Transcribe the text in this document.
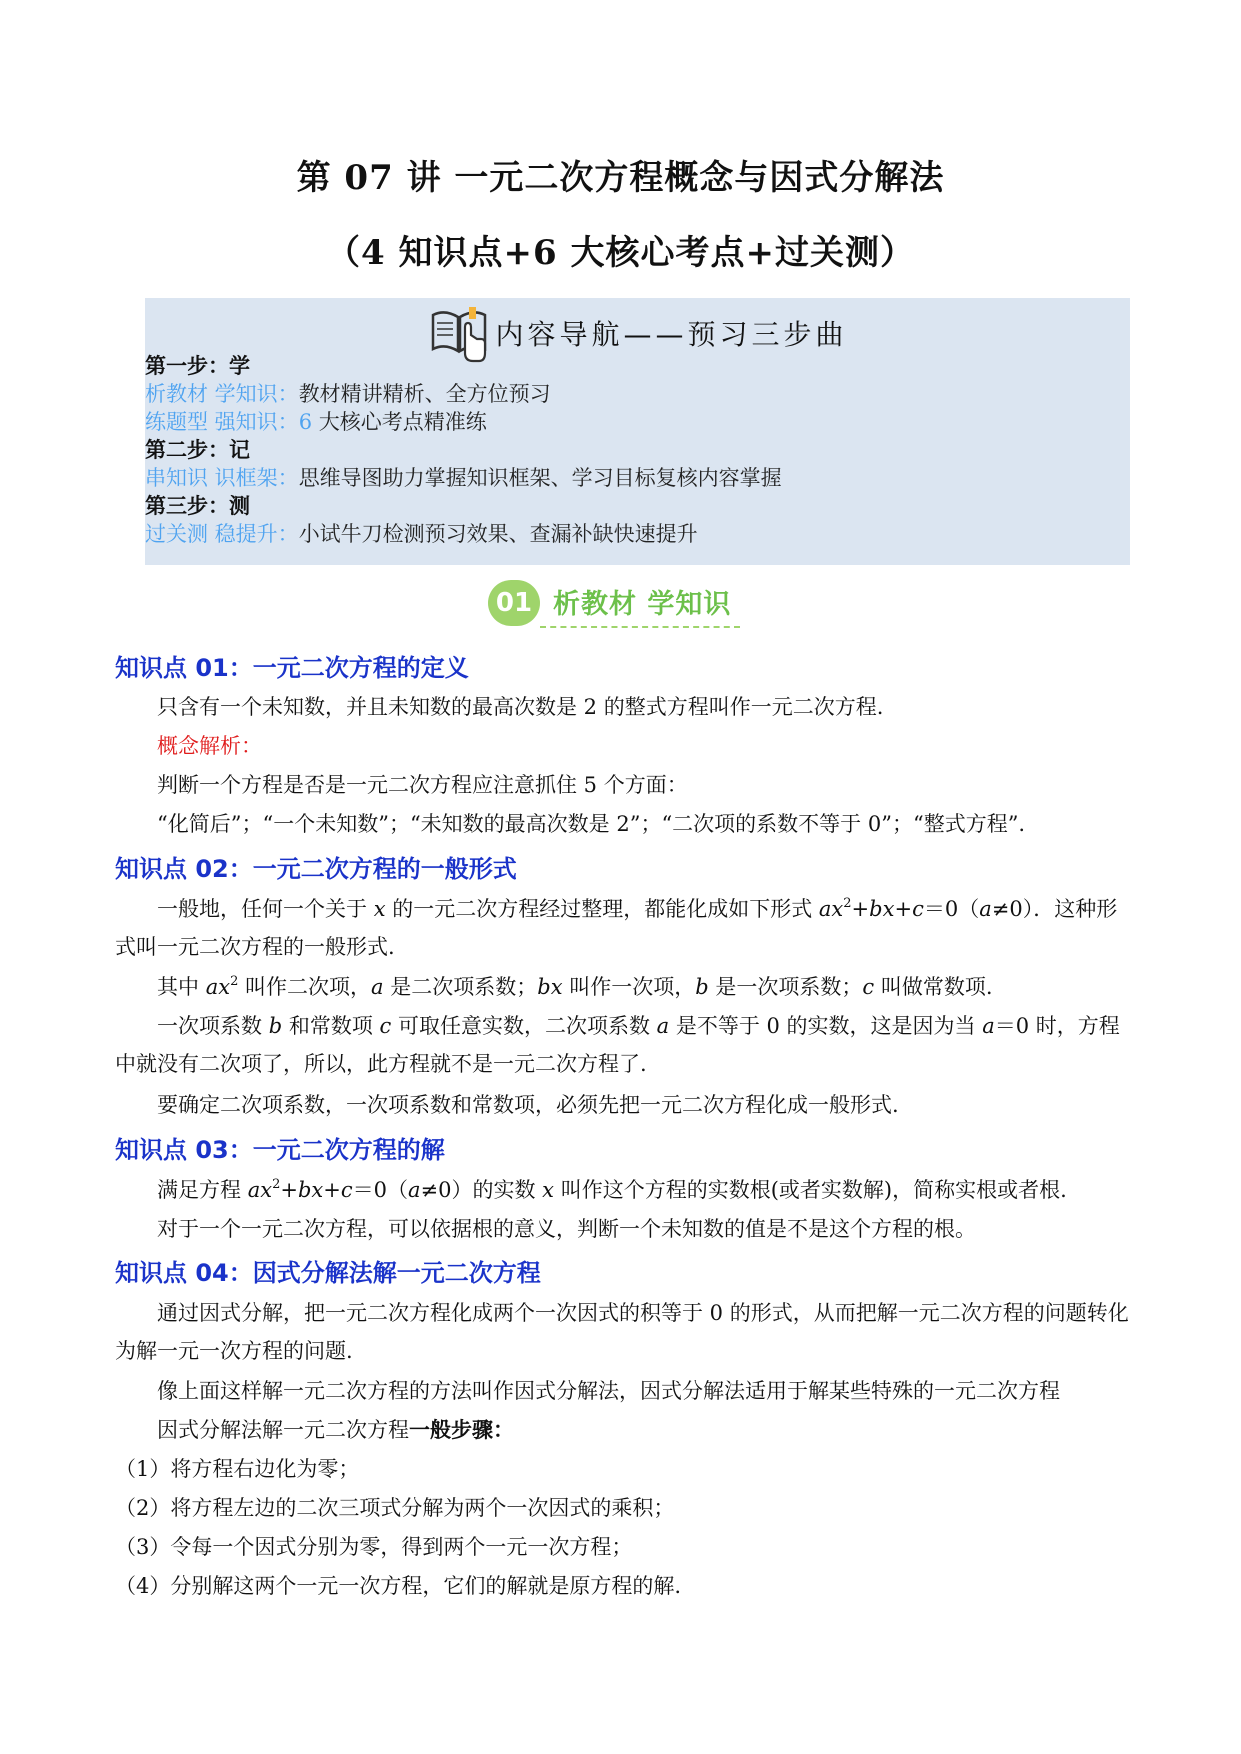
第 07 讲 一元二次方程概念与因式分解法
（4 知识点+6 大核心考点+过关测）
内容导航——预习三步曲
第一步：学
析教材 学知识：教材精讲精析、全方位预习
练题型 强知识：6 大核心考点精准练
第二步：记
串知识 识框架：思维导图助力掌握知识框架、学习目标复核内容掌握
第三步：测
过关测 稳提升：小试牛刀检测预习效果、查漏补缺快速提升
01 析教材 学知识
知识点 01：一元二次方程的定义
只含有一个未知数，并且未知数的最高次数是 2 的整式方程叫作一元二次方程.
概念解析：
判断一个方程是否是一元二次方程应注意抓住 5 个方面：
“化简后”；“一个未知数”；“未知数的最高次数是 2”；“二次项的系数不等于 0”；“整式方程”.
知识点 02：一元二次方程的一般形式
一般地，任何一个关于 x 的一元二次方程经过整理，都能化成如下形式 $ax^2+bx+c=0(a\ne 0)$．这种形式叫一元二次方程的一般形式.
其中 $ax^2$ 叫作二次项，a 是二次项系数；bx 叫作一次项，b 是一次项系数；c 叫做常数项.
一次项系数 b 和常数项 c 可取任意实数，二次项系数 a 是不等于 0 的实数，这是因为当 a＝0 时，方程中就没有二次项了，所以，此方程就不是一元二次方程了.
要确定二次项系数，一次项系数和常数项，必须先把一元二次方程化成一般形式.
知识点 03：一元二次方程的解
满足方程 $ax^2+bx+c=0(a\ne 0)$的实数 x 叫作这个方程的实数根(或者实数解)，简称实根或者根.
对于一个一元二次方程，可以依据根的意义，判断一个未知数的值是不是这个方程的根。
知识点 04：因式分解法解一元二次方程
通过因式分解，把一元二次方程化成两个一次因式的积等于 0 的形式，从而把解一元二次方程的问题转化为解一元一次方程的问题.
像上面这样解一元二次方程的方法叫作因式分解法，因式分解法适用于解某些特殊的一元二次方程
因式分解法解一元二次方程一般步骤：
（1）将方程右边化为零；
（2）将方程左边的二次三项式分解为两个一次因式的乘积；
（3）令每一个因式分别为零，得到两个一元一次方程；
（4）分别解这两个一元一次方程，它们的解就是原方程的解.
